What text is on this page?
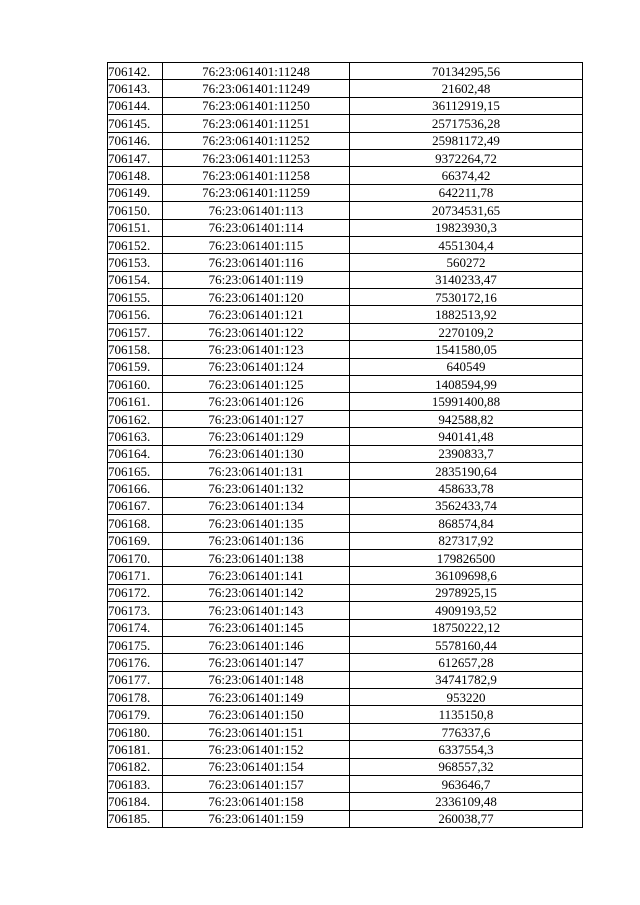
706142.	76:23:061401:11248	70134295,56
706143.	76:23:061401:11249	21602,48
706144.	76:23:061401:11250	36112919,15
706145.	76:23:061401:11251	25717536,28
706146.	76:23:061401:11252	25981172,49
706147.	76:23:061401:11253	9372264,72
706148.	76:23:061401:11258	66374,42
706149.	76:23:061401:11259	642211,78
706150.	76:23:061401:113	20734531,65
706151.	76:23:061401:114	19823930,3
706152.	76:23:061401:115	4551304,4
706153.	76:23:061401:116	560272
706154.	76:23:061401:119	3140233,47
706155.	76:23:061401:120	7530172,16
706156.	76:23:061401:121	1882513,92
706157.	76:23:061401:122	2270109,2
706158.	76:23:061401:123	1541580,05
706159.	76:23:061401:124	640549
706160.	76:23:061401:125	1408594,99
706161.	76:23:061401:126	15991400,88
706162.	76:23:061401:127	942588,82
706163.	76:23:061401:129	940141,48
706164.	76:23:061401:130	2390833,7
706165.	76:23:061401:131	2835190,64
706166.	76:23:061401:132	458633,78
706167.	76:23:061401:134	3562433,74
706168.	76:23:061401:135	868574,84
706169.	76:23:061401:136	827317,92
706170.	76:23:061401:138	179826500
706171.	76:23:061401:141	36109698,6
706172.	76:23:061401:142	2978925,15
706173.	76:23:061401:143	4909193,52
706174.	76:23:061401:145	18750222,12
706175.	76:23:061401:146	5578160,44
706176.	76:23:061401:147	612657,28
706177.	76:23:061401:148	34741782,9
706178.	76:23:061401:149	953220
706179.	76:23:061401:150	1135150,8
706180.	76:23:061401:151	776337,6
706181.	76:23:061401:152	6337554,3
706182.	76:23:061401:154	968557,32
706183.	76:23:061401:157	963646,7
706184.	76:23:061401:158	2336109,48
706185.	76:23:061401:159	260038,77
